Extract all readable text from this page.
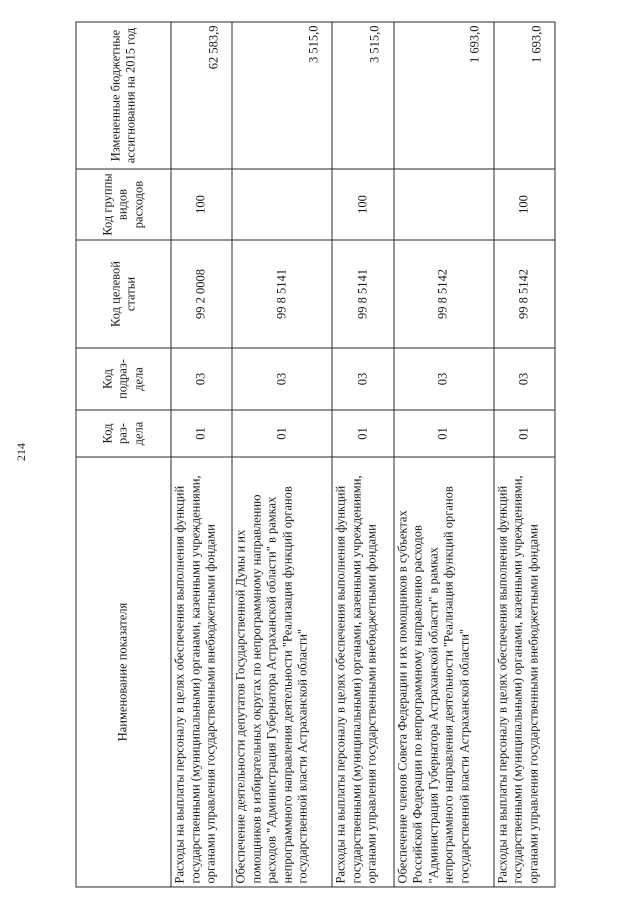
214
Наименование показателя	Код раз-дела	Код подраз-дела	Код целевой статьи	Код группы видов расходов	Измененные бюджетные ассигнования на 2015 год
Расходы на выплаты персоналу в целях обеспечения выполнения функций государственными (муниципальными) органами, казенными учреждениями, органами управления государственными внебюджетными фондами	01	03	99 2 0008	100	62 583,9
Обеспечение деятельности депутатов Государственной Думы и их помощников в избирательных округах по непрограммному направлению расходов "Администрация Губернатора Астраханской области" в рамках непрограммного направления деятельности "Реализация функций органов государственной власти Астраханской области"	01	03	99 8 5141		3 515,0
Расходы на выплаты персоналу в целях обеспечения выполнения функций государственными (муниципальными) органами, казенными учреждениями, органами управления государственными внебюджетными фондами	01	03	99 8 5141	100	3 515,0
Обеспечение членов Совета Федерации и их помощников в субъектах Российской Федерации по непрограммному направлению расходов "Администрация Губернатора Астраханской области" в рамках непрограммного направления деятельности "Реализация функций органов государственной власти Астраханской области"	01	03	99 8 5142		1 693,0
Расходы на выплаты персоналу в целях обеспечения выполнения функций государственными (муниципальными) органами, казенными учреждениями, органами управления государственными внебюджетными фондами	01	03	99 8 5142	100	1 693,0
